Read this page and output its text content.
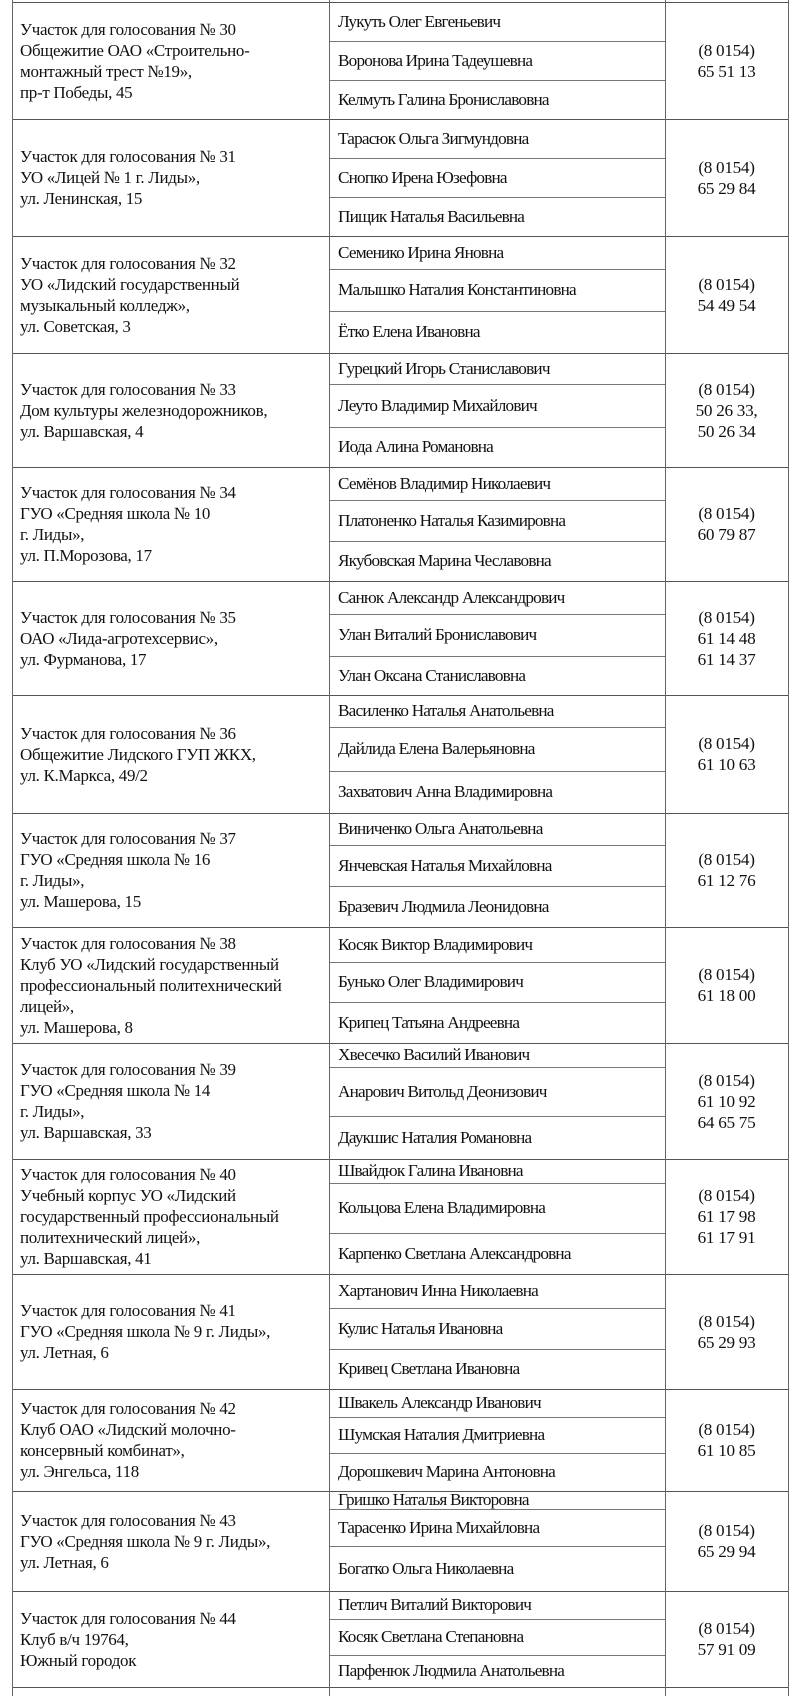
Участок для голосования № 30
Общежитие ОАО «Строительно-
монтажный трест №19»,
пр-т Победы, 45
Лукуть Олег Евгеньевич
Воронова Ирина Тадеушевна
Келмуть Галина Брониславовна
(8 0154)
65 51 13
Участок для голосования № 31
УО «Лицей № 1 г. Лиды»,
ул. Ленинская, 15
Тарасюк Ольга Зигмундовна
Снопко Ирена Юзефовна
Пищик Наталья Васильевна
(8 0154)
65 29 84
Участок для голосования № 32
УО «Лидский государственный
музыкальный колледж»,
ул. Советская, 3
Семенико Ирина Яновна
Малышко Наталия Константиновна
Ётко Елена Ивановна
(8 0154)
54 49 54
Участок для голосования № 33
Дом культуры железнодорожников,
ул. Варшавская, 4
Гурецкий Игорь Станиславович
Леуто Владимир Михайлович
Иода Алина Романовна
(8 0154)
50 26 33,
50 26 34
Участок для голосования № 34
ГУО «Средняя школа № 10
г. Лиды»,
ул. П.Морозова, 17
Семёнов Владимир Николаевич
Платоненко Наталья Казимировна
Якубовская Марина Чеславовна
(8 0154)
60 79 87
Участок для голосования № 35
ОАО «Лида-агротехсервис»,
ул. Фурманова, 17
Санюк Александр Александрович
Улан Виталий Брониславович
Улан Оксана Станиславовна
(8 0154)
61 14 48
61 14 37
Участок для голосования № 36
Общежитие Лидского ГУП ЖКХ,
ул. К.Маркса, 49/2
Василенко Наталья Анатольевна
Дайлида Елена Валерьяновна
Захватович Анна Владимировна
(8 0154)
61 10 63
Участок для голосования № 37
ГУО «Средняя школа № 16
г. Лиды»,
ул. Машерова, 15
Виниченко Ольга Анатольевна
Янчевская Наталья Михайловна
Бразевич Людмила Леонидовна
(8 0154)
61 12 76
Участок для голосования № 38
Клуб УО «Лидский государственный
профессиональный политехнический
лицей»,
ул. Машерова, 8
Косяк Виктор Владимирович
Бунько Олег Владимирович
Крипец Татьяна Андреевна
(8 0154)
61 18 00
Участок для голосования № 39
ГУО «Средняя школа № 14
г. Лиды»,
ул. Варшавская, 33
Хвесечко Василий Иванович
Анарович Витольд Деонизович
Даукшис Наталия Романовна
(8 0154)
61 10 92
64 65 75
Участок для голосования № 40
Учебный корпус УО «Лидский
государственный профессиональный
политехнический лицей»,
ул. Варшавская, 41
Швайдюк Галина Ивановна
Кольцова Елена Владимировна
Карпенко Светлана Александровна
(8 0154)
61 17 98
61 17 91
Участок для голосования № 41
ГУО «Средняя школа № 9 г. Лиды»,
ул. Летная, 6
Хартанович Инна Николаевна
Кулис Наталья Ивановна
Кривец Светлана Ивановна
(8 0154)
65 29 93
Участок для голосования № 42
Клуб ОАО «Лидский молочно-
консервный комбинат»,
ул. Энгельса, 118
Швакель Александр Иванович
Шумская Наталия Дмитриевна
Дорошкевич Марина Антоновна
(8 0154)
61 10 85
Участок для голосования № 43
ГУО «Средняя школа № 9 г. Лиды»,
ул. Летная, 6
Гришко Наталья Викторовна
Тарасенко Ирина Михайловна
Богатко Ольга Николаевна
(8 0154)
65 29 94
Участок для голосования № 44
Клуб в/ч 19764,
Южный городок
Петлич Виталий Викторович
Косяк Светлана Степановна
Парфенюк Людмила Анатольевна
(8 0154)
57 91 09
